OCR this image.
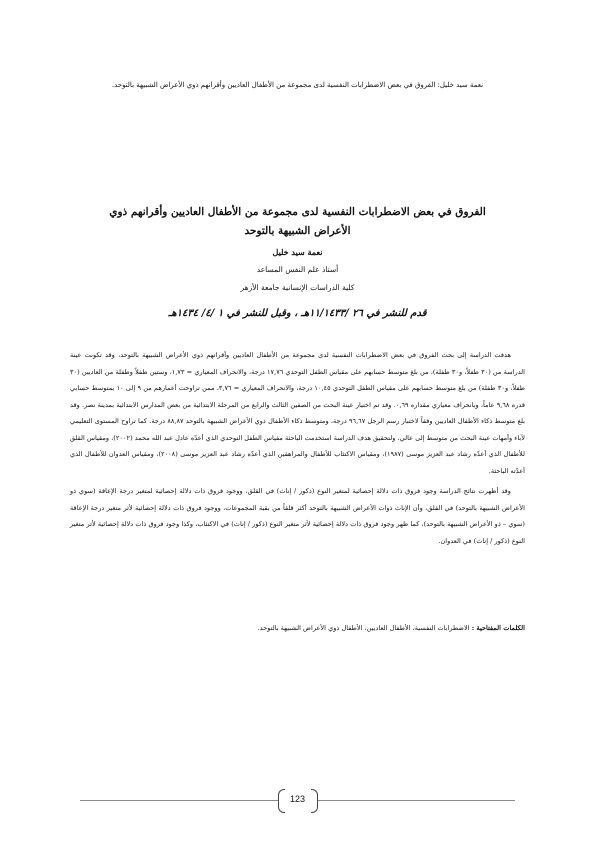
نعمة سيد خليل: الفروق في بعض الاضطرابات النفسية لدى مجموعة من الأطفال العاديين وأقرانهم ذوي الأعراض الشبيهة بالتوحد.
الفروق في بعض الاضطرابات النفسية لدى مجموعة من الأطفال العاديين وأقرانهم ذوي الأعراض الشبيهة بالتوحد
نعمة سيد خليل
أستاذ علم النفس المساعد
كلية الدراسات الإنسانية جامعة الأزهر
قدم للنشر في ٢٦ /١١/١٤٣٣هـ ، وقبل للنشر في ١ /٤/ ١٤٣٤هـ

هدفت الدراسة إلى بحث الفروق في بعض الاضطرابات النفسية لدى مجموعة من الأطفال العاديين وأقرانهم ذوي الأعراض الشبيهة بالتوحد، وقد تكونت عينة الدراسة من (٣٠ طفلاً، و٣٠ طفلة)، من بلغ متوسط حسابهم على مقياس الطفل التوحدي ١٧,٧٦ درجة، والانحراف المعياري = ١,٧٣، وستين طفلاً وطفلة من العاديين (٣٠ طفلاً، و٣٠ طفلة) من بلغ متوسط حسابهم على مقياس الطفل التوحدي ١٠,٤٥ درجة، والانحراف المعياري = ٣,٧٦، ممن تراوحت أعمارهم من ٩ إلى ١٠ بمتوسط حسابي قدره ٩,٦٨ عاماً، وبانحراف معياري مقداره ٠,٦٩. وقد تم اختيار عينة البحث من الصفين الثالث والرابع من المرحلة الابتدائية من بعض المدارس الابتدائية بمدينة نصر. وقد بلغ متوسط ذكاء الأطفال العاديين وفقاً لاختبار رسم الرجل ٩٦,٦٧ درجة، ومتوسط ذكاء الأطفال ذوي الأعراض الشبيهة بالتوحد ٨٨,٨٧ درجة. كما تراوح المستوى التعليمي لآباء وأمهات عينة البحث من متوسط إلى عالي، ولتحقيق هدف الدراسة استخدمت الباحثة مقياس الطفل التوحدي الذي أعدّه عادل عبد الله محمد (٢٠٠٢)، ومقياس القلق للأطفال الذي أعدّه رشاد عبد العزيز موسى (١٩٨٧)، ومقياس الاكتئاب للأطفال والمراهقين الذي أعدّه رشاد عبد العزيز موسى (٢٠٠٨)، ومقياس العدوان للأطفال الذي أعدّته الباحثة.

وقد أظهرت نتائج الدراسة وجود فروق ذات دلالة إحصائية لمتغير النوع (ذكور / إناث) في القلق، ووجود فروق ذات دلالة إحصائية لمتغير درجة الإعاقة (سوي ذو الأعراض الشبيهة بالتوحد) في القلق، وأن الإناث ذوات الأعراض الشبيهة بالتوحد أكثر قلقاً من بقية المجموعات، ووجود فروق ذات دلالة إحصائية لأثر متغير درجة الإعاقة (سوي – ذو الأعراض الشبيهة بالتوحد)، كما ظهر وجود فروق ذات دلالة إحصائية لأثر متغير النوع (ذكور / إناث) في الاكتئاب، وكذا وجود فروق ذات دلالة إحصائية لأثر متغير النوع (ذكور / إناث) في العدوان.

الكلمات المفتاحية : الاضطرابات النفسية، الأطفال العاديين، الأطفال ذوي الأعراض الشبيهة بالتوحد.
123
